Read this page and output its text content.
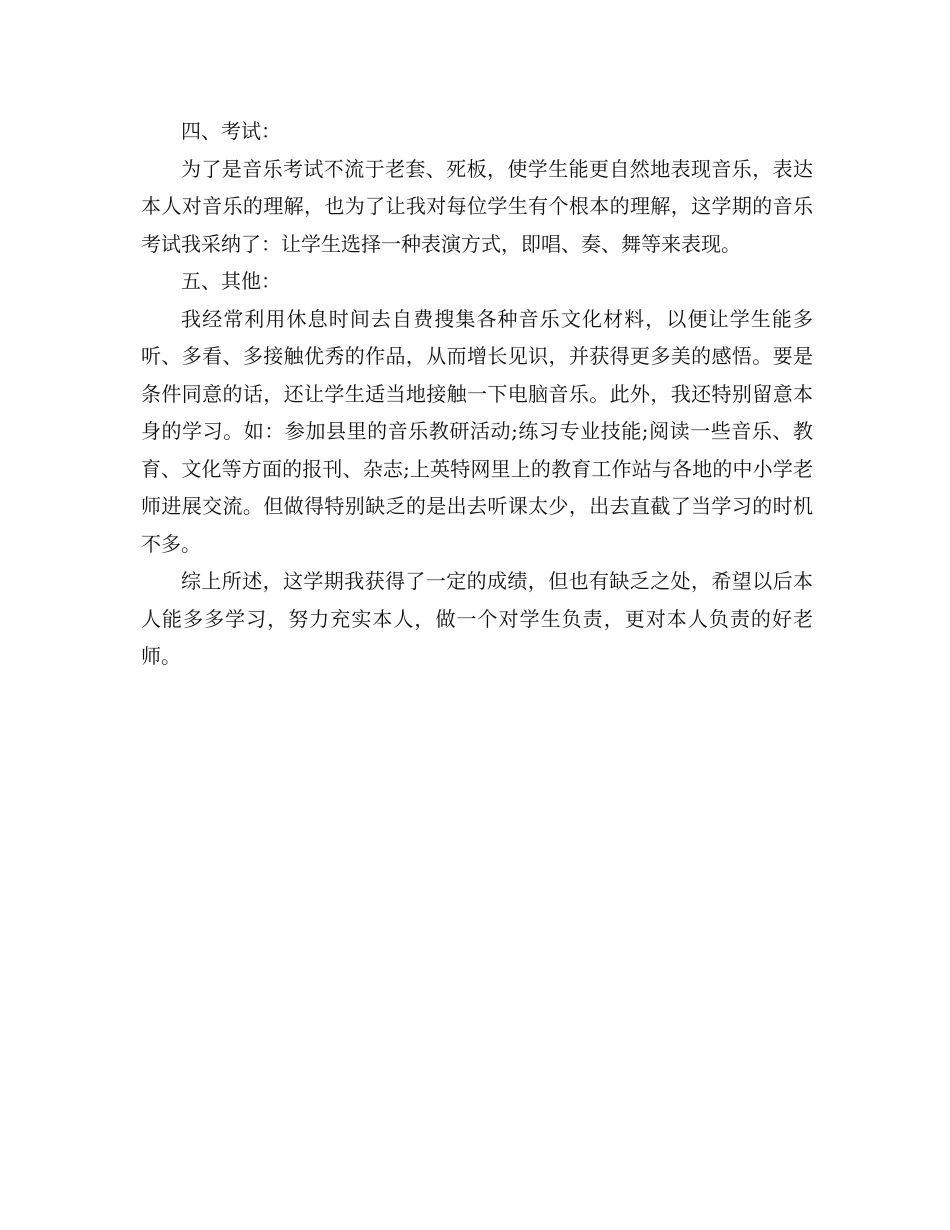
四、考试：

为了是音乐考试不流于老套、死板，使学生能更自然地表现音乐，表达本人对音乐的理解，也为了让我对每位学生有个根本的理解，这学期的音乐考试我采纳了：让学生选择一种表演方式，即唱、奏、舞等来表现。

五、其他：

我经常利用休息时间去自费搜集各种音乐文化材料，以便让学生能多听、多看、多接触优秀的作品，从而增长见识，并获得更多美的感悟。要是条件同意的话，还让学生适当地接触一下电脑音乐。此外，我还特别留意本身的学习。如：参加县里的音乐教研活动;练习专业技能;阅读一些音乐、教育、文化等方面的报刊、杂志;上英特网里上的教育工作站与各地的中小学老师进展交流。但做得特别缺乏的是出去听课太少，出去直截了当学习的时机不多。

综上所述，这学期我获得了一定的成绩，但也有缺乏之处，希望以后本人能多多学习，努力充实本人，做一个对学生负责，更对本人负责的好老师。
